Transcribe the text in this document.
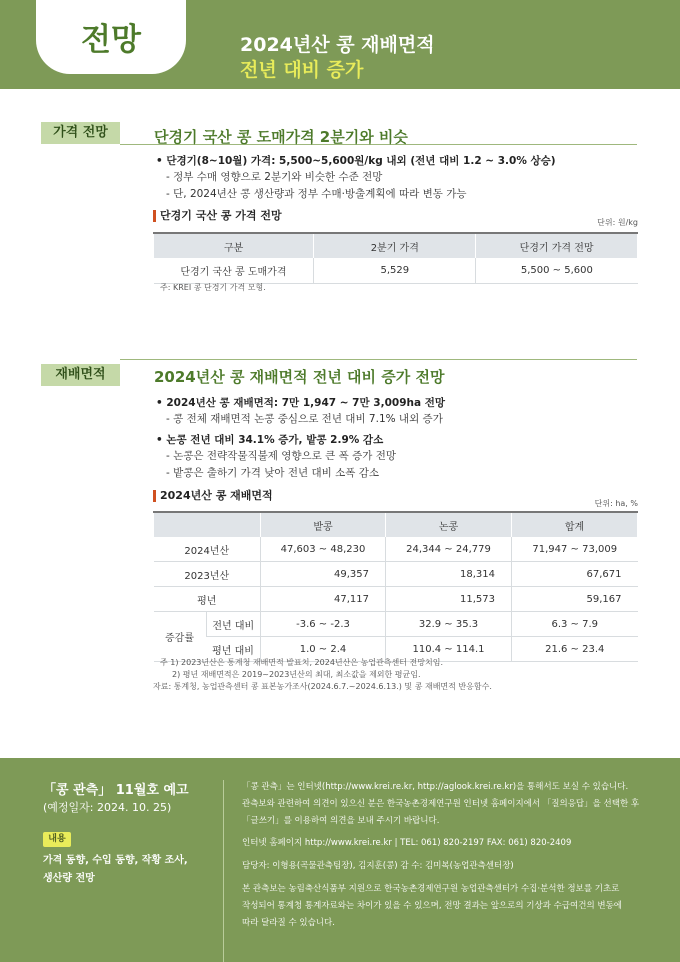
전망	2024년산 콩 재배면적
전년 대비 증가
가격 전망	단경기 국산 콩 도매가격 2분기와 비슷
• 단경기(8~10월) 가격: 5,500~5,600원/kg 내외 (전년 대비 1.2 ~ 3.0% 상승)
- 정부 수매 영향으로 2분기와 비슷한 수준 전망
- 단, 2024년산 콩 생산량과 정부 수매·방출계획에 따라 변동 가능
단경기 국산 콩 가격 전망
단위: 원/kg
구분	2분기 가격	단경기 가격 전망
단경기 국산 콩 도매가격	5,529	5,500 ~ 5,600
주: KREI 콩 단경기 가격 모형.
재배면적	2024년산 콩 재배면적 전년 대비 증가 전망
• 2024년산 콩 재배면적: 7만 1,947 ~ 7만 3,009ha 전망
- 콩 전체 재배면적 논콩 중심으로 전년 대비 7.1% 내외 증가
• 논콩 전년 대비 34.1% 증가, 밭콩 2.9% 감소
- 논콩은 전략작물직불제 영향으로 큰 폭 증가 전망
- 밭콩은 출하기 가격 낮아 전년 대비 소폭 감소
2024년산 콩 재배면적
단위: ha, %
		밭콩	논콩	합계
2024년산		47,603 ~ 48,230	24,344 ~ 24,779	71,947 ~ 73,009
2023년산		49,357	18,314	67,671
평년		47,117	11,573	59,167
증감률	전년 대비	-3.6 ~ -2.3	32.9 ~ 35.3	6.3 ~ 7.9
	평년 대비	1.0 ~ 2.4	110.4 ~ 114.1	21.6 ~ 23.4
주 1) 2023년산은 통계청 재배면적 발표치, 2024년산은 농업관측센터 전망치임.
2) 평년 재배면적은 2019~2023년산의 최대, 최소값을 제외한 평균임.
자료: 통계청, 농업관측센터 콩 표본농가조사(2024.6.7.~2024.6.13.) 및 콩 재배면적 반응함수.
「콩 관측」 11월호 예고
(예정일자: 2024. 10. 25)
내용
가격 동향, 수입 동향, 작황 조사,
생산량 전망
「콩 관측」는 인터넷(http://www.krei.re.kr, http://aglook.krei.re.kr)을 통해서도 보실 수 있습니다.
관측보와 관련하여 의견이 있으신 분은 한국농촌경제연구원 인터넷 홈페이지에서 「질의응답」을 선택한 후
「글쓰기」를 이용하여 의견을 보내 주시기 바랍니다.
인터넷 홈페이지 http://www.krei.re.kr | TEL: 061) 820-2197 FAX: 061) 820-2409
담당자: 이형용(곡물관측팀장), 김지훈(콩) 감 수: 김미복(농업관측센터장)
본 관측보는 농림축산식품부 지원으로 한국농촌경제연구원 농업관측센터가 수집·분석한 정보를 기초로
작성되어 통계청 통계자료와는 차이가 있을 수 있으며, 전망 결과는 앞으로의 기상과 수급여건의 변동에
따라 달라질 수 있습니다.
